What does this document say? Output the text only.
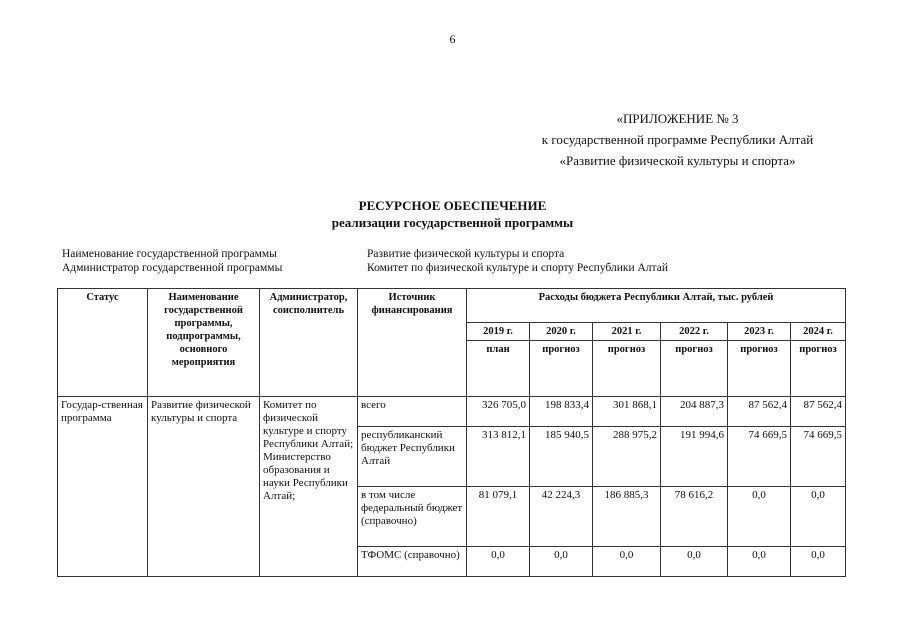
6
«ПРИЛОЖЕНИЕ № 3
к государственной программе Республики Алтай
«Развитие физической культуры и спорта»
РЕСУРСНОЕ ОБЕСПЕЧЕНИЕ
реализации государственной программы
Наименование государственной программы	Развитие физической культуры и спорта
Администратор государственной программы	Комитет по физической культуре и спорту Республики Алтай
Статус	Наименование государственной программы, подпрограммы, основного мероприятия	Администратор, соисполнитель	Источник финансирования	Расходы бюджета Республики Алтай, тыс. рублей					
				2019 г.	2020 г.	2021 г.	2022 г.	2023 г.	2024 г.
				план	прогноз	прогноз	прогноз	прогноз	прогноз
Государ-ственная программа	Развитие физической культуры и спорта	Комитет по физической культуре и спорту Республики Алтай; Министерство образования и науки Республики Алтай;	всего	326 705,0	198 833,4	301 868,1	204 887,3	87 562,4	87 562,4
			республиканский бюджет Республики Алтай	313 812,1	185 940,5	288 975,2	191 994,6	74 669,5	74 669,5
			в том числе федеральный бюджет (справочно)	81 079,1	42 224,3	186 885,3	78 616,2	0,0	0,0
			ТФОМС (справочно)	0,0	0,0	0,0	0,0	0,0	0,0
